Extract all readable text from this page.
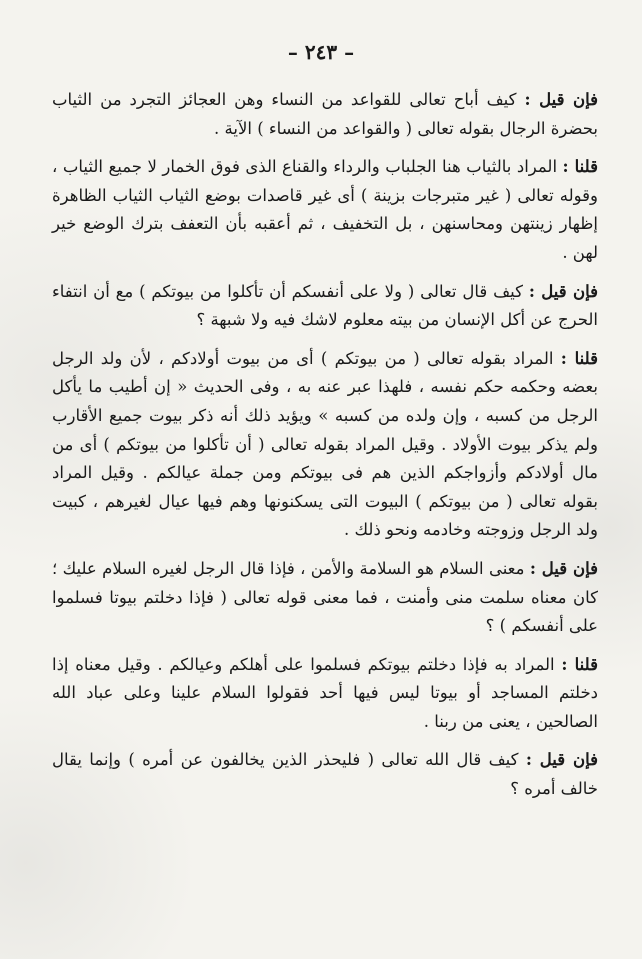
– ٢٤٣ –

فإن قيل : كيف أباح تعالى للقواعد من النساء وهن العجائز التجرد من الثياب بحضرة الرجال بقوله تعالى ( والقواعد من النساء ) الآية .

قلنا : المراد بالثياب هنا الجلباب والرداء والقناع الذى فوق الخمار لا جميع الثياب ، وقوله تعالى ( غير متبرجات بزينة ) أى غير قاصدات بوضع الثياب الثياب الظاهرة إظهار زينتهن ومحاسنهن ، بل التخفيف ، ثم أعقبه بأن التعفف بترك الوضع خير لهن .

فإن قيل : كيف قال تعالى ( ولا على أنفسكم أن تأكلوا من بيوتكم ) مع أن انتفاء الحرج عن أكل الإنسان من بيته معلوم لاشك فيه ولا شبهة ؟

قلنا : المراد بقوله تعالى ( من بيوتكم ) أى من بيوت أولادكم ، لأن ولد الرجل بعضه وحكمه حكم نفسه ، فلهذا عبر عنه به ، وفى الحديث « إن أطيب ما يأكل الرجل من كسبه ، وإن ولده من كسبه » ويؤيد ذلك أنه ذكر بيوت جميع الأقارب ولم يذكر بيوت الأولاد . وقيل المراد بقوله تعالى ( أن تأكلوا من بيوتكم ) أى من مال أولادكم وأزواجكم الذين هم فى بيوتكم ومن جملة عيالكم . وقيل المراد بقوله تعالى ( من بيوتكم ) البيوت التى يسكنونها وهم فيها عيال لغيرهم ، كبيت ولد الرجل وزوجته وخادمه ونحو ذلك .

فإن قيل : معنى السلام هو السلامة والأمن ، فإذا قال الرجل لغيره السلام عليك ؛ كان معناه سلمت منى وأمنت ، فما معنى قوله تعالى ( فإذا دخلتم بيوتا فسلموا على أنفسكم ) ؟

قلنا : المراد به فإذا دخلتم بيوتكم فسلموا على أهلكم وعيالكم . وقيل معناه إذا دخلتم المساجد أو بيوتا ليس فيها أحد فقولوا السلام علينا وعلى عباد الله الصالحين ، يعنى من ربنا .

فإن قيل : كيف قال الله تعالى ( فليحذر الذين يخالفون عن أمره ) وإنما يقال خالف أمره ؟
